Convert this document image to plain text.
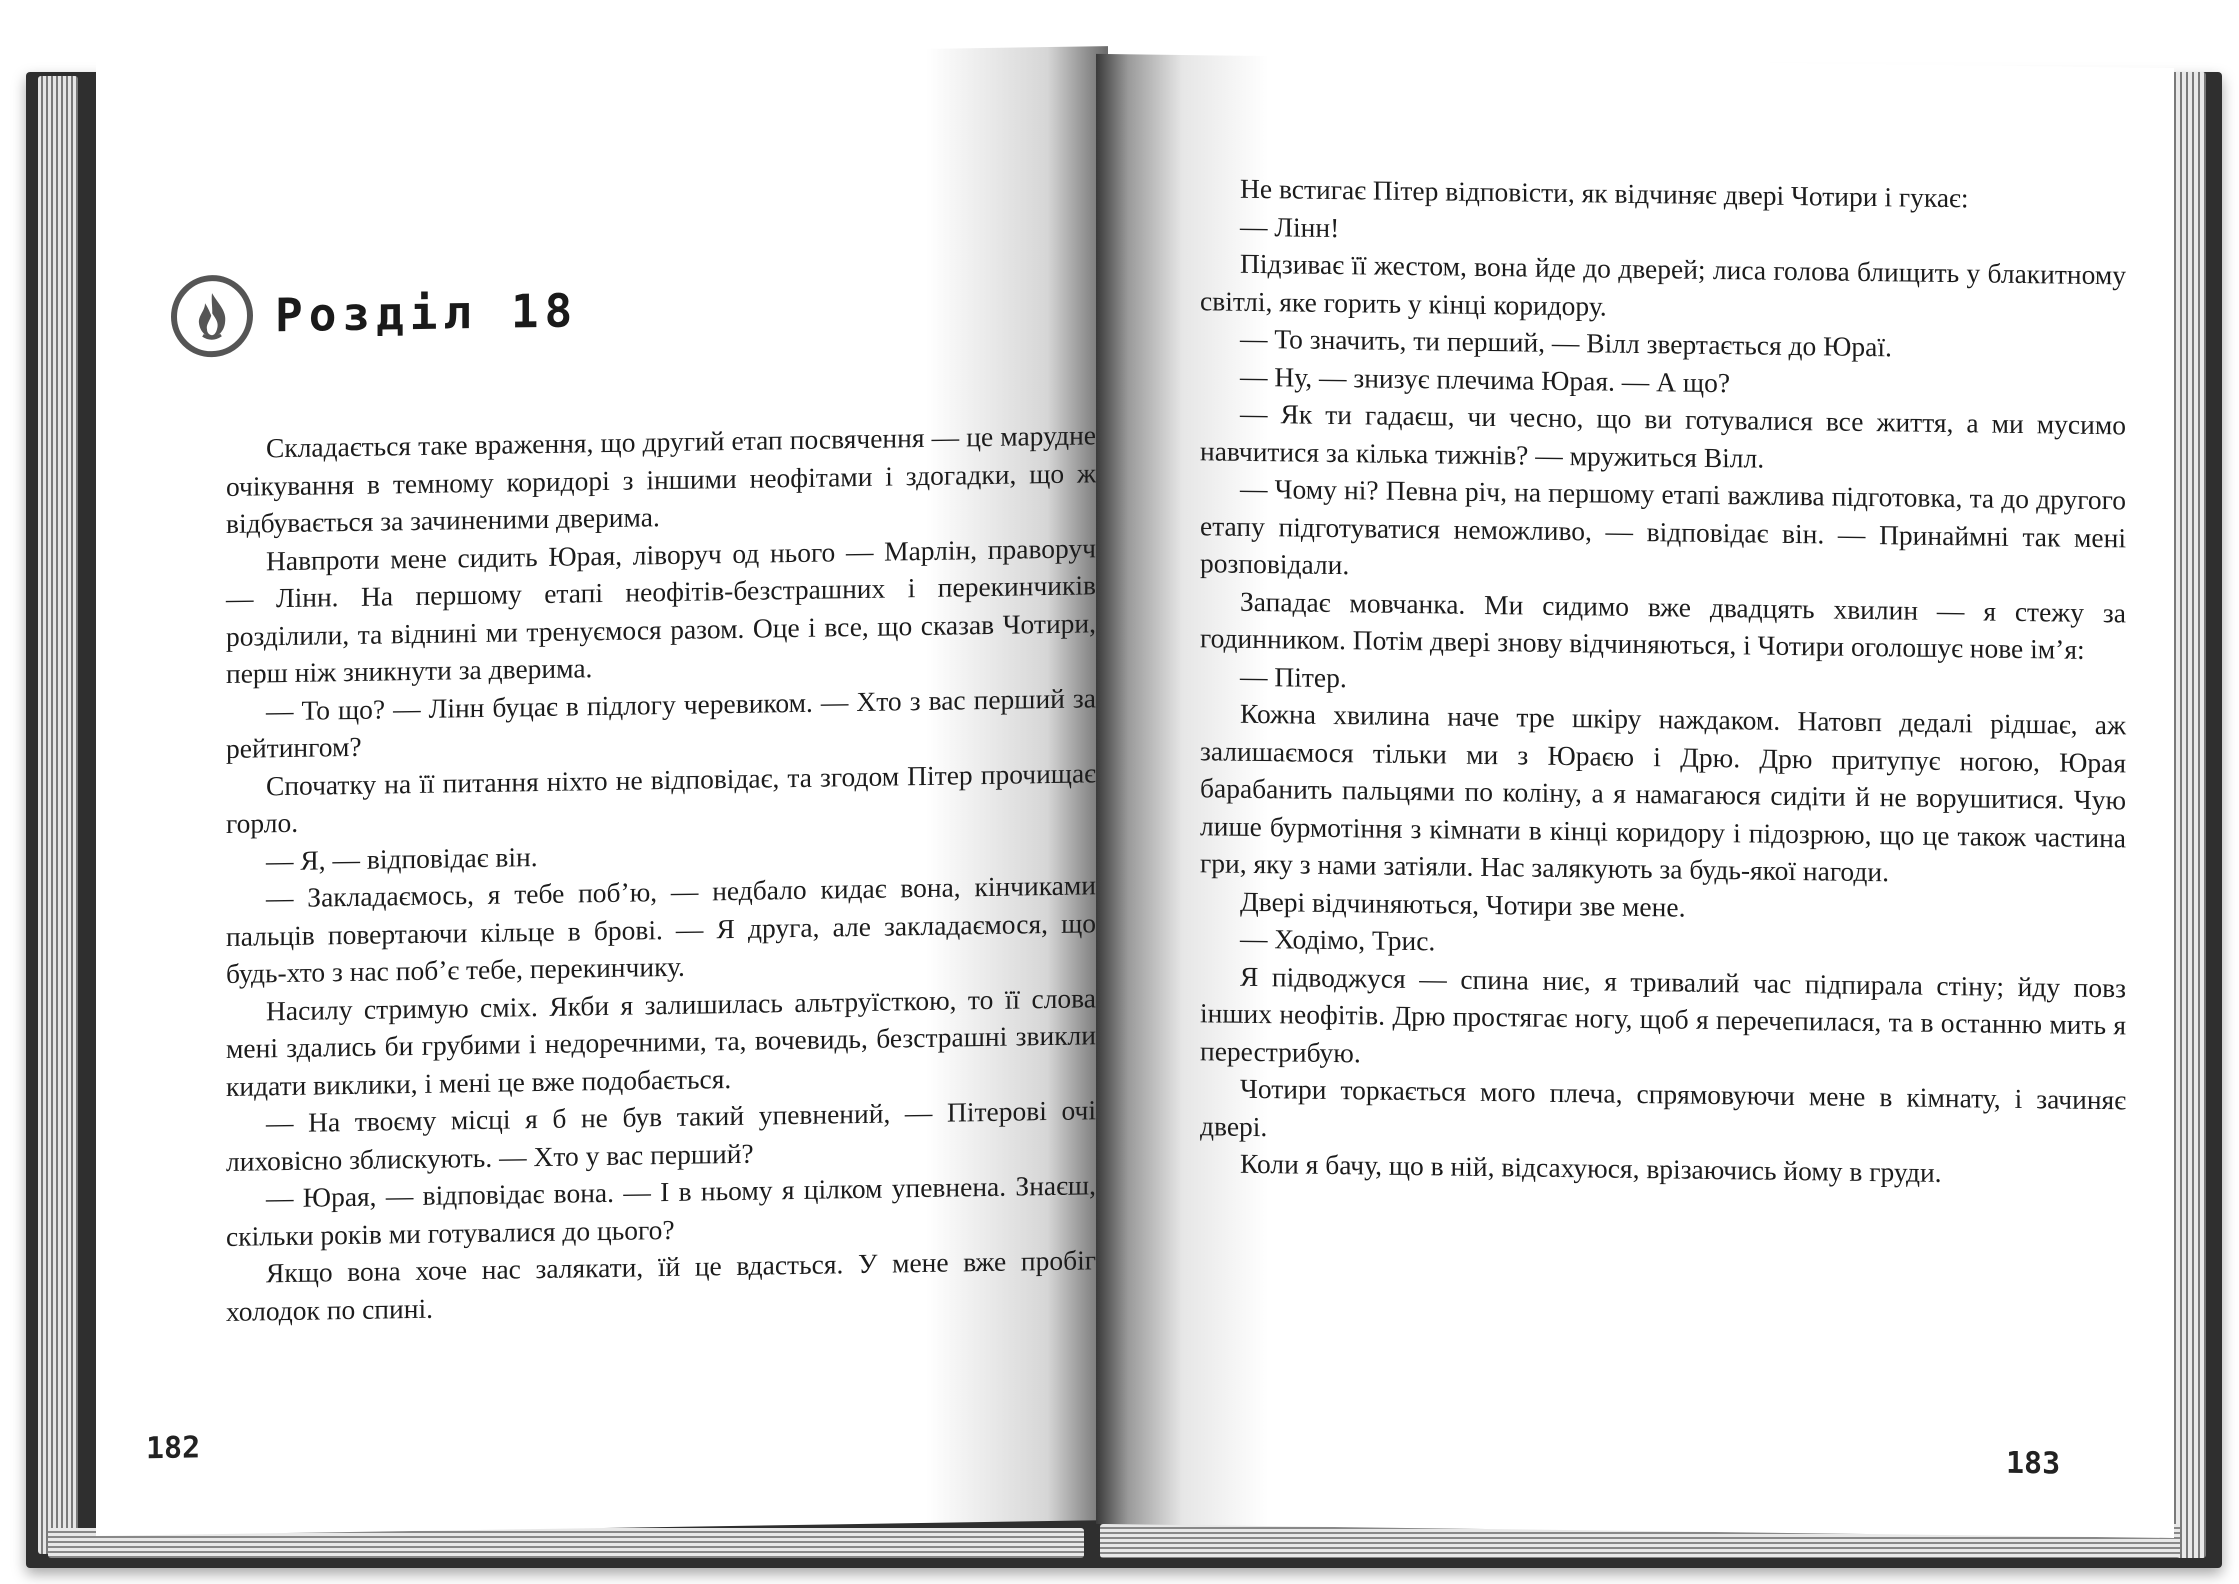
Розділ 18

Складається таке враження, що другий етап посвячення — це марудне очікування в темному коридорі з іншими неофітами і здогадки, що ж відбувається за зачиненими дверима.

Навпроти мене сидить Юрая, ліворуч од нього — Марлін, праворуч — Лінн. На першому етапі неофітів-безстрашних і перекинчиків розділили, та віднині ми тренуємося разом. Оце і все, що сказав Чотири, перш ніж зникнути за дверима.

— То що? — Лінн буцає в підлогу черевиком. — Хто з вас перший за рейтингом?

Спочатку на її питання ніхто не відповідає, та згодом Пітер прочищає горло.

— Я, — відповідає він.

— Закладаємось, я тебе поб’ю, — недбало кидає вона, кінчиками пальців повертаючи кільце в брові. — Я друга, але закладаємося, що будь-хто з нас поб’є тебе, перекинчику.

Насилу стримую сміх. Якби я залишилась альтруїсткою, то її слова мені здались би грубими і недоречними, та, вочевидь, безстрашні звикли кидати виклики, і мені це вже подобається.

— На твоєму місці я б не був такий упевнений, — Пітерові очі лиховісно зблискують. — Хто у вас перший?

— Юрая, — відповідає вона. — І в ньому я цілком упевнена. Знаєш, скільки років ми готувалися до цього?

Якщо вона хоче нас залякати, їй це вдасться. У мене вже пробіг холодок по спині.

182

Не встигає Пітер відповісти, як відчиняє двері Чотири і гукає:

— Лінн!

Підзиває її жестом, вона йде до дверей; лиса голова блищить у блакитному світлі, яке горить у кінці коридору.

— То значить, ти перший, — Вілл звертається до Юраї.

— Ну, — знизує плечима Юрая. — А що?

— Як ти гадаєш, чи чесно, що ви готувалися все життя, а ми мусимо навчитися за кілька тижнів? — мружиться Вілл.

— Чому ні? Певна річ, на першому етапі важлива підготовка, та до другого етапу підготуватися неможливо, — відповідає він. — Принаймні так мені розповідали.

Западає мовчанка. Ми сидимо вже двадцять хвилин — я стежу за годинником. Потім двері знову відчиняються, і Чотири оголошує нове ім’я:

— Пітер.

Кожна хвилина наче тре шкіру наждаком. Натовп дедалі рідшає, аж залишаємося тільки ми з Юраєю і Дрю. Дрю притупує ногою, Юрая барабанить пальцями по коліну, а я намагаюся сидіти й не ворушитися. Чую лише бурмотіння з кімнати в кінці коридору і підозрюю, що це також частина гри, яку з нами затіяли. Нас залякують за будь-якої нагоди.

Двері відчиняються, Чотири зве мене.

— Ходімо, Трис.

Я підводжуся — спина ниє, я тривалий час підпирала стіну; йду повз інших неофітів. Дрю простягає ногу, щоб я перечепилася, та в останню мить я перестрибую.

Чотири торкається мого плеча, спрямовуючи мене в кімнату, і зачиняє двері.

Коли я бачу, що в ній, відсахуюся, врізаючись йому в груди.

183
